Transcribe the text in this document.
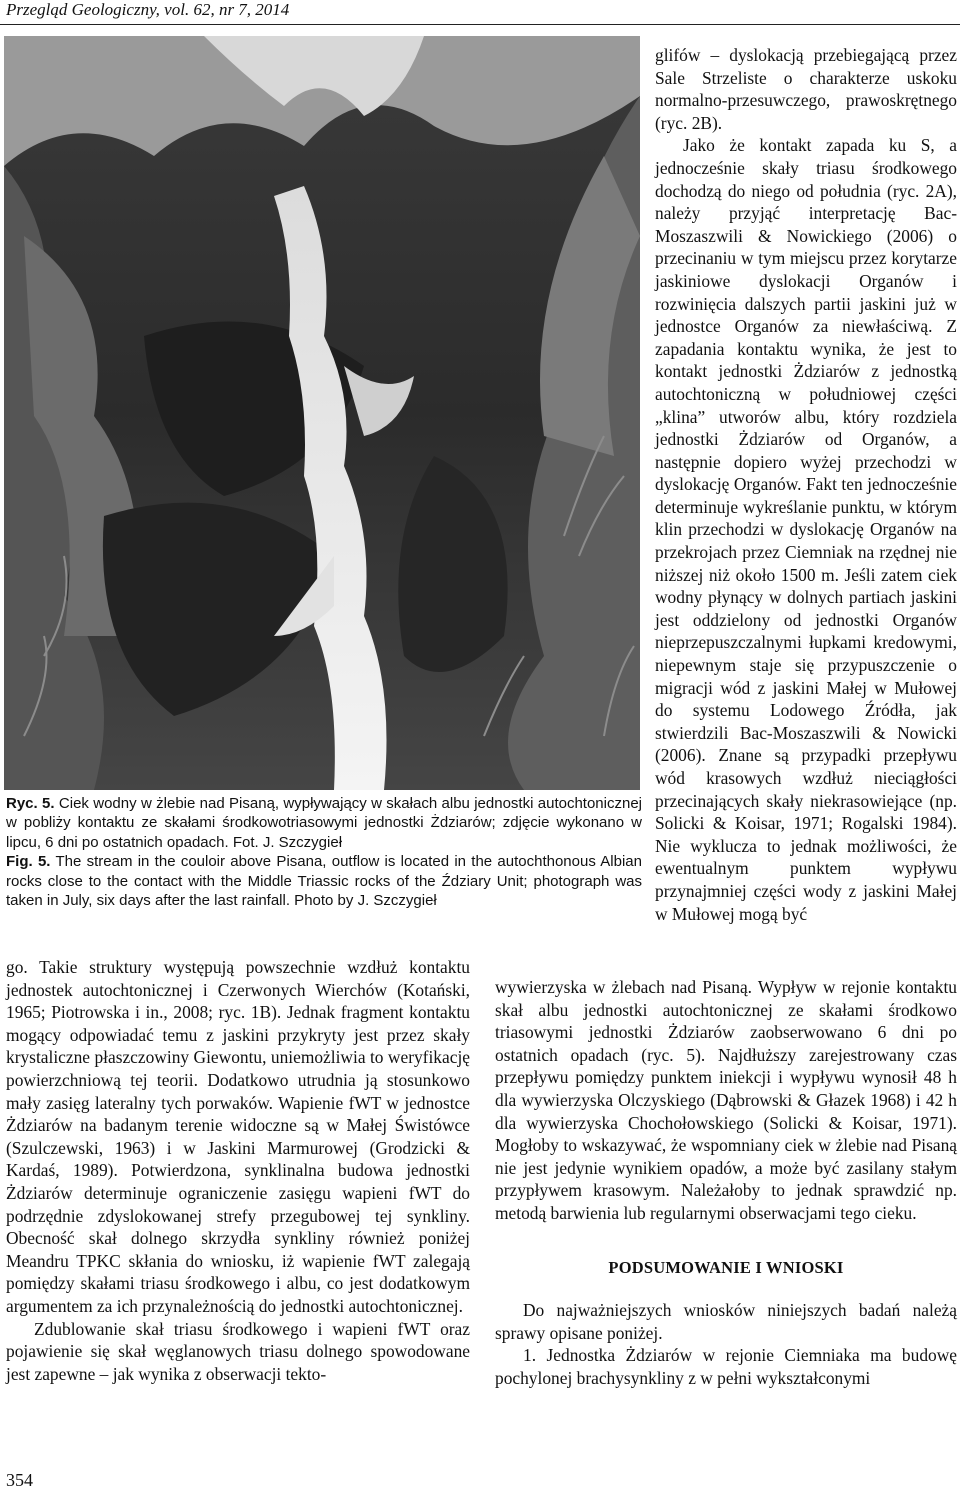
Przegląd Geologiczny, vol. 62, nr 7, 2014

Ryc. 5. Ciek wodny w żlebie nad Pisaną, wypływający w skałach albu jednostki autochtonicznej w pobliży kontaktu ze skałami środkowotriasowymi jednostki Żdziarów; zdjęcie wykonano w lipcu, 6 dni po ostatnich opadach. Fot. J. Szczygieł

Fig. 5. The stream in the couloir above Pisana, outflow is located in the autochthonous Albian rocks close to the contact with the Middle Triassic rocks of the Ździary Unit; photograph was taken in July, six days after the last rainfall. Photo by J. Szczygieł

glifów – dyslokacją przebiegającą przez Sale Strzeliste o charakterze uskoku normalno-przesuwczego, prawoskrętnego (ryc. 2B).

Jako że kontakt zapada ku S, a jednocześnie skały triasu środkowego dochodzą do niego od południa (ryc. 2A), należy przyjąć interpretację Bac-Moszaszwili & Nowickiego (2006) o przecinaniu w tym miejscu przez korytarze jaskiniowe dyslokacji Organów i rozwinięcia dalszych partii jaskini już w jednostce Organów za niewłaściwą. Z zapadania kontaktu wynika, że jest to kontakt jednostki Żdziarów z jednostką autochtoniczną w południowej części „klina” utworów albu, który rozdziela jednostki Żdziarów od Organów, a następnie dopiero wyżej przechodzi w dyslokację Organów. Fakt ten jednocześnie determinuje wykreślanie punktu, w którym klin przechodzi w dyslokację Organów na przekrojach przez Ciemniak na rzędnej nie niższej niż około 1500 m. Jeśli zatem ciek wodny płynący w dolnych partiach jaskini jest oddzielony od jednostki Organów nieprzepuszczalnymi łupkami kredowymi, niepewnym staje się przypuszczenie o migracji wód z jaskini Małej w Mułowej do systemu Lodowego Źródła, jak stwierdzili Bac-Moszaszwili & Nowicki (2006). Znane są przypadki przepływu wód krasowych wzdłuż nieciągłości przecinających skały niekrasowiejące (np. Solicki & Koisar, 1971; Rogalski 1984). Nie wyklucza to jednak możliwości, że ewentualnym punktem wypływu przynajmniej części wody z jaskini Małej w Mułowej mogą być

go. Takie struktury występują powszechnie wzdłuż kontaktu jednostek autochtonicznej i Czerwonych Wierchów (Kotański, 1965; Piotrowska i in., 2008; ryc. 1B). Jednak fragment kontaktu mogący odpowiadać temu z jaskini przykryty jest przez skały krystaliczne płaszczowiny Giewontu, uniemożliwia to weryfikację powierzchniową tej teorii. Dodatkowo utrudnia ją stosunkowo mały zasięg lateralny tych porwaków. Wapienie fWT w jednostce Żdziarów na badanym terenie widoczne są w Małej Świstówce (Szulczewski, 1963) i w Jaskini Marmurowej (Grodzicki & Kardaś, 1989). Potwierdzona, synklinalna budowa jednostki Żdziarów determinuje ograniczenie zasięgu wapieni fWT do podrzędnie zdyslokowanej strefy przegubowej tej synkliny. Obecność skał dolnego skrzydła synkliny również poniżej Meandru TPKC skłania do wniosku, iż wapienie fWT zalegają pomiędzy skałami triasu środkowego i albu, co jest dodatkowym argumentem za ich przynależnością do jednostki autochtonicznej.

Zdublowanie skał triasu środkowego i wapieni fWT oraz pojawienie się skał węglanowych triasu dolnego spowodowane jest zapewne – jak wynika z obserwacji tekto-

wywierzyska w żlebach nad Pisaną. Wypływ w rejonie kontaktu skał albu jednostki autochtonicznej ze skałami środkowo triasowymi jednostki Żdziarów zaobserwowano 6 dni po ostatnich opadach (ryc. 5). Najdłuższy zarejestrowany czas przepływu pomiędzy punktem iniekcji i wypływu wynosił 48 h dla wywierzyska Olczyskiego (Dąbrowski & Głazek 1968) i 42 h dla wywierzyska Chochołowskiego (Solicki & Koisar, 1971). Mogłoby to wskazywać, że wspomniany ciek w żlebie nad Pisaną nie jest jedynie wynikiem opadów, a może być zasilany stałym przypływem krasowym. Należałoby to jednak sprawdzić np. metodą barwienia lub regularnymi obserwacjami tego cieku.

PODSUMOWANIE I WNIOSKI

Do najważniejszych wniosków niniejszych badań należą sprawy opisane poniżej.

1. Jednostka Żdziarów w rejonie Ciemniaka ma budowę pochylonej brachysynkliny z w pełni wykształconymi

354
